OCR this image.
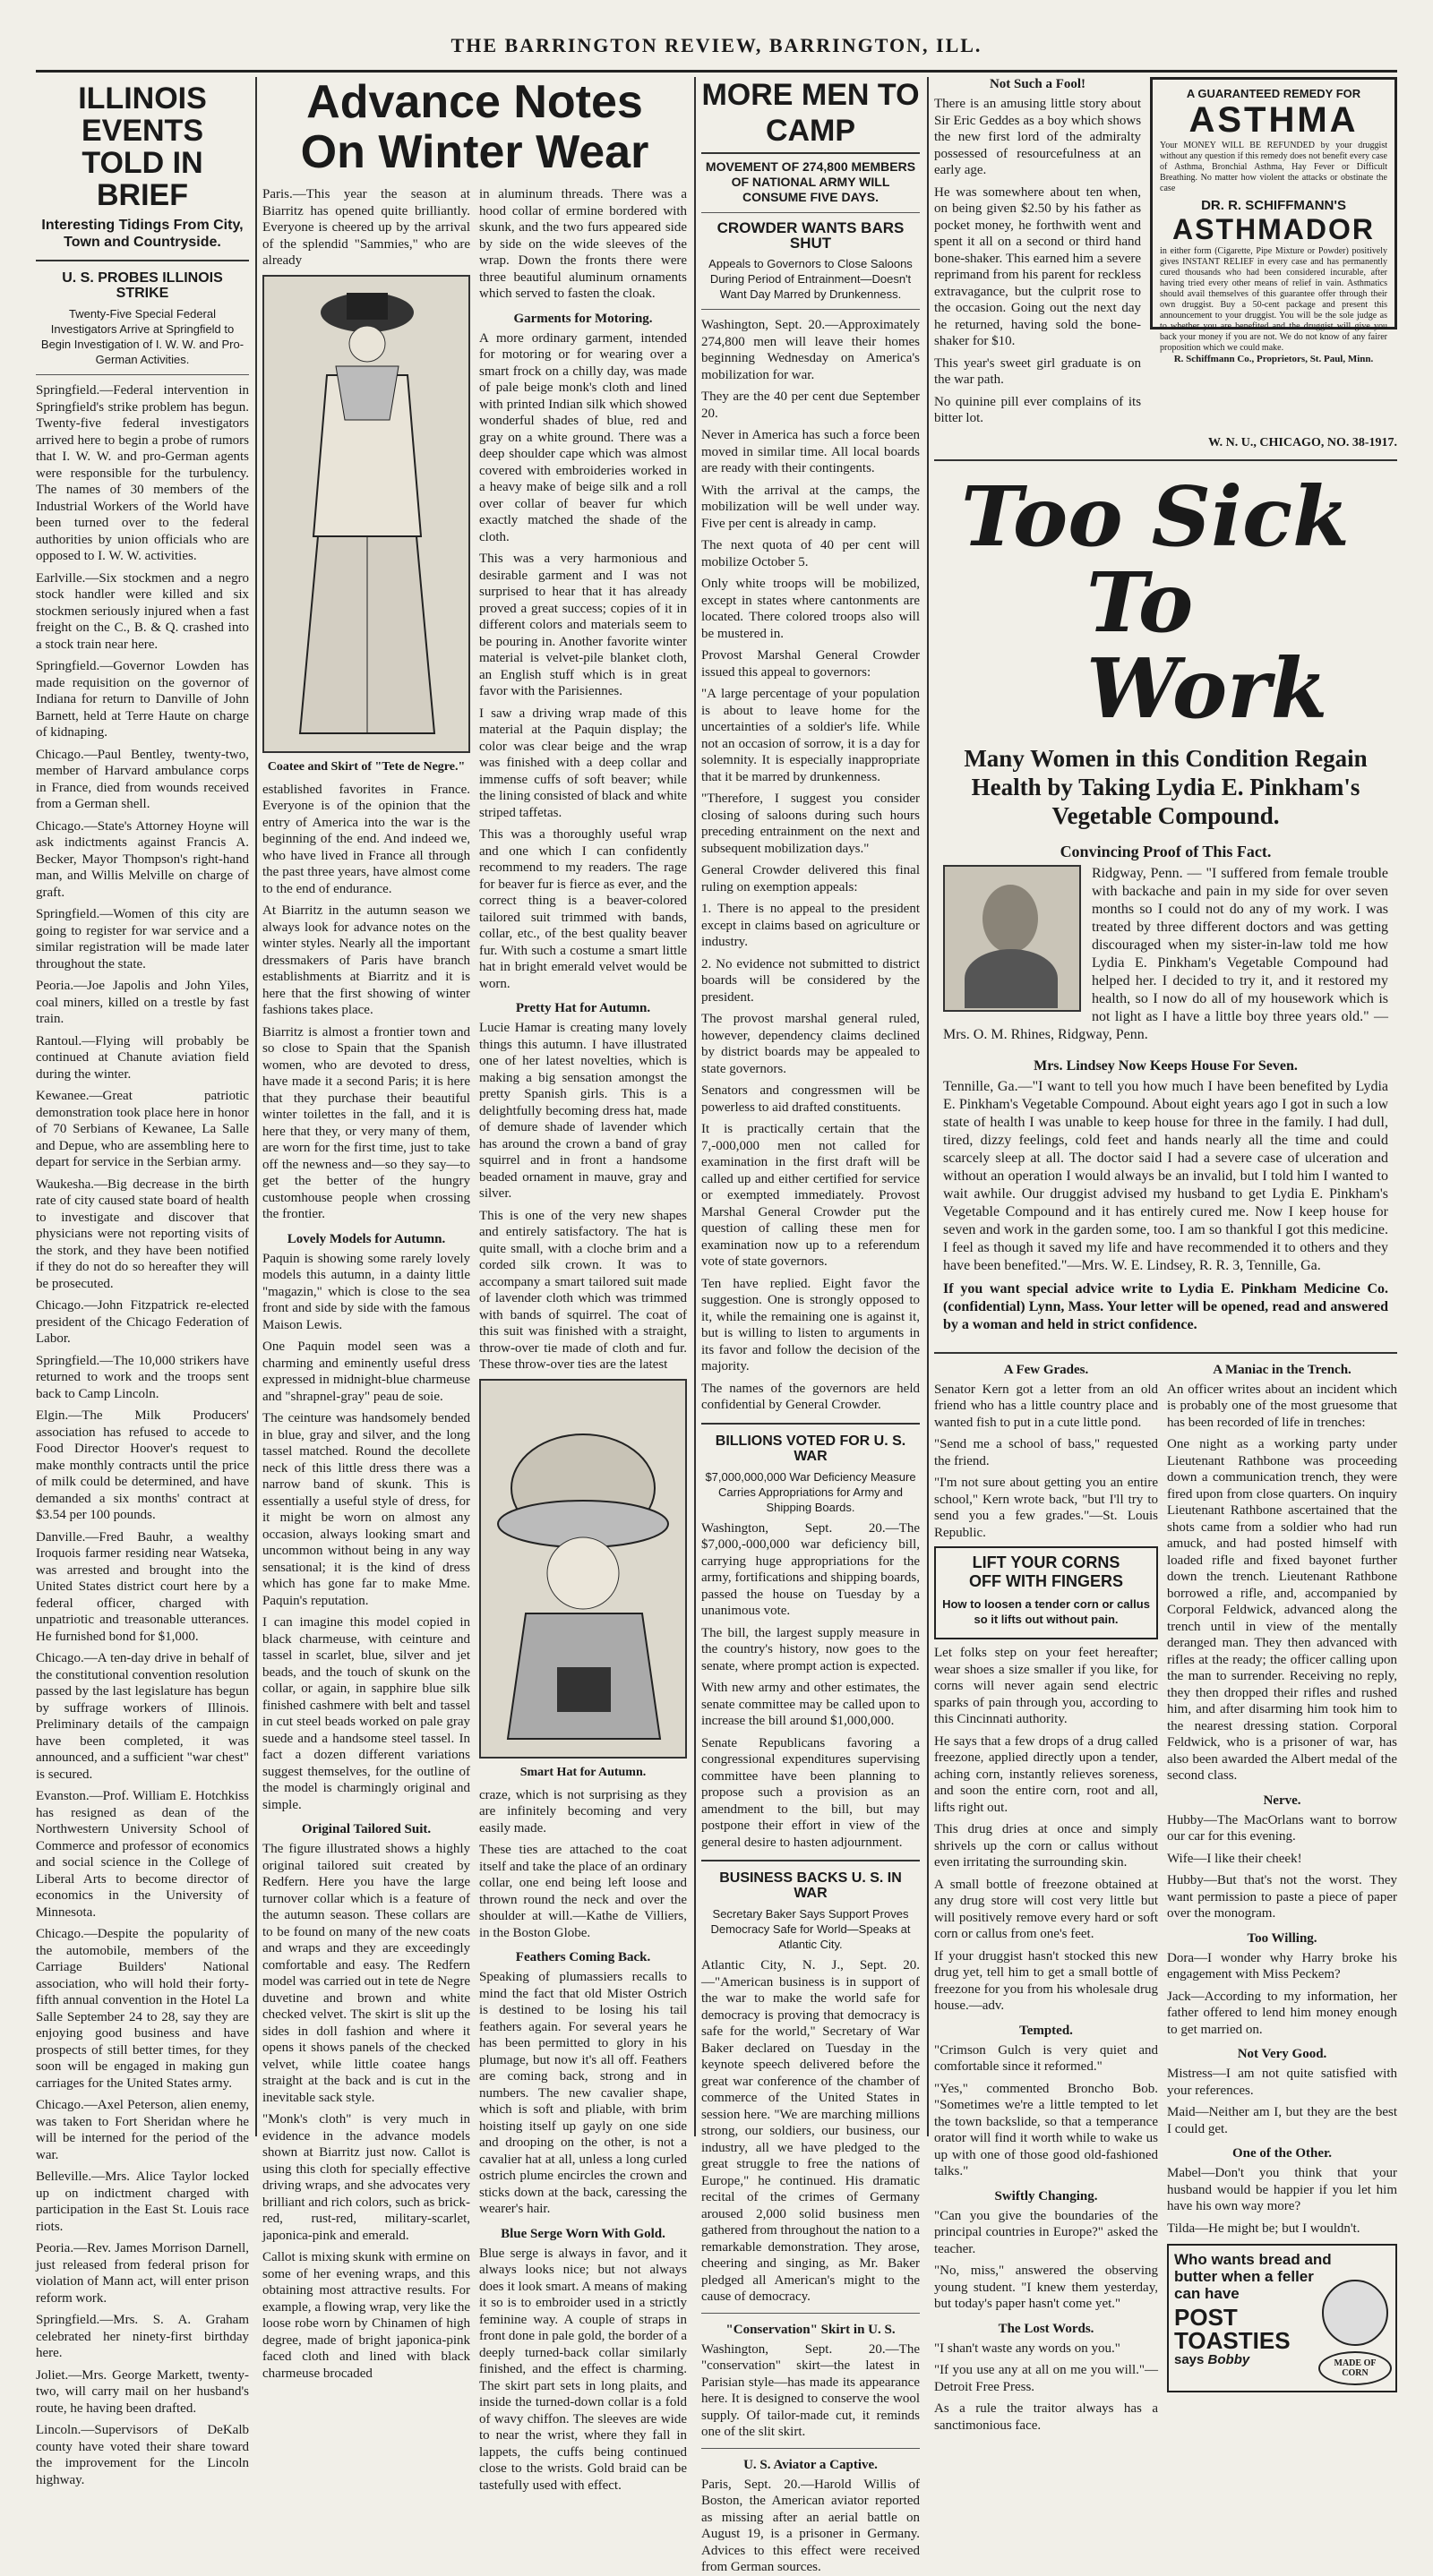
THE BARRINGTON REVIEW, BARRINGTON, ILL.
ILLINOIS EVENTS
TOLD IN BRIEF
Interesting Tidings From City, Town and Countryside.
U. S. PROBES ILLINOIS STRIKE
Twenty-Five Special Federal Investigators Arrive at Springfield to Begin Investigation of I. W. W. and Pro-German Activities.

Springfield.—Federal intervention in Springfield's strike problem has begun. Twenty-five federal investigators arrived here to begin a probe of rumors that I. W. W. and pro-German agents were responsible for the turbulency. The names of 30 members of the Industrial Workers of the World have been turned over to the federal authorities by union officials who are opposed to I. W. W. activities.

Earlville.—Six stockmen and a negro stock handler were killed and six stockmen seriously injured when a fast freight on the C., B. & Q. crashed into a stock train near here.

Springfield.—Governor Lowden has made requisition on the governor of Indiana for return to Danville of John Barnett, held at Terre Haute on charge of kidnaping.

Chicago.—Paul Bentley, twenty-two, member of Harvard ambulance corps in France, died from wounds received from a German shell.

Chicago.—State's Attorney Hoyne will ask indictments against Francis A. Becker, Mayor Thompson's right-hand man, and Willis Melville on charge of graft.

Springfield.—Women of this city are going to register for war service and a similar registration will be made later throughout the state.

Peoria.—Joe Japolis and John Yiles, coal miners, killed on a trestle by fast train.

Rantoul.—Flying will probably be continued at Chanute aviation field during the winter.

Kewanee.—Great patriotic demonstration took place here in honor of 70 Serbians of Kewanee, La Salle and Depue, who are assembling here to depart for service in the Serbian army.

Waukesha.—Big decrease in the birth rate of city caused state board of health to investigate and discover that physicians were not reporting visits of the stork, and they have been notified if they do not do so hereafter they will be prosecuted.

Chicago.—John Fitzpatrick re-elected president of the Chicago Federation of Labor.

Springfield.—The 10,000 strikers have returned to work and the troops sent back to Camp Lincoln.

Elgin.—The Milk Producers' association has refused to accede to Food Director Hoover's request to make monthly contracts until the price of milk could be determined, and have demanded a six months' contract at $3.54 per 100 pounds.

Danville.—Fred Bauhr, a wealthy Iroquois farmer residing near Watseka, was arrested and brought into the United States district court here by a federal officer, charged with unpatriotic and treasonable utterances. He furnished bond for $1,000.

Chicago.—A ten-day drive in behalf of the constitutional convention resolution passed by the last legislature has begun by suffrage workers of Illinois. Preliminary details of the campaign have been completed, it was announced, and a sufficient "war chest" is secured.

Evanston.—Prof. William E. Hotchkiss has resigned as dean of the Northwestern University School of Commerce and professor of economics and social science in the College of Liberal Arts to become director of economics in the University of Minnesota.

Chicago.—Despite the popularity of the automobile, members of the Carriage Builders' National association, who will hold their forty-fifth annual convention in the Hotel La Salle September 24 to 28, say they are enjoying good business and have prospects of still better times, for they soon will be engaged in making gun carriages for the United States army.

Chicago.—Axel Peterson, alien enemy, was taken to Fort Sheridan where he will be interned for the period of the war.

Belleville.—Mrs. Alice Taylor locked up on indictment charged with participation in the East St. Louis race riots.

Peoria.—Rev. James Morrison Darnell, just released from federal prison for violation of Mann act, will enter prison reform work.

Springfield.—Mrs. S. A. Graham celebrated her ninety-first birthday here.

Joliet.—Mrs. George Markett, twenty-two, will carry mail on her husband's route, he having been drafted.

Lincoln.—Supervisors of DeKalb county have voted their share toward the improvement for the Lincoln highway.

Advance Notes
On Winter Wear

Paris.—This year the season at Biarritz has opened quite brilliantly. Everyone is cheered up by the arrival of the splendid "Sammies," who are already

Coatee and Skirt of "Tete de Negre."

established favorites in France. Everyone is of the opinion that the entry of America into the war is the beginning of the end. And indeed we, who have lived in France all through the past three years, have almost come to the end of endurance.

At Biarritz in the autumn season we always look for advance notes on the winter styles. Nearly all the important dressmakers of Paris have branch establishments at Biarritz and it is here that the first showing of winter fashions takes place.

Biarritz is almost a frontier town and so close to Spain that the Spanish women, who are devoted to dress, have made it a second Paris; it is here that they purchase their beautiful winter toilettes in the fall, and it is here that they, or very many of them, are worn for the first time, just to take off the newness and—so they say—to get the better of the hungry customhouse people when crossing the frontier.

Lovely Models for Autumn.

Paquin is showing some rarely lovely models this autumn, in a dainty little "magazin," which is close to the sea front and side by side with the famous Maison Lewis.

One Paquin model seen was a charming and eminently useful dress expressed in midnight-blue charmeuse and "shrapnel-gray" peau de soie.

The ceinture was handsomely bended in blue, gray and silver, and the long tassel matched. Round the decollete neck of this little dress there was a narrow band of skunk. This is essentially a useful style of dress, for it might be worn on almost any occasion, always looking smart and uncommon without being in any way sensational; it is the kind of dress which has gone far to make Mme. Paquin's reputation.

I can imagine this model copied in black charmeuse, with ceinture and tassel in scarlet, blue, silver and jet beads, and the touch of skunk on the collar, or again, in sapphire blue silk finished cashmere with belt and tassel in cut steel beads worked on pale gray suede and a handsome steel tassel. In fact a dozen different variations suggest themselves, for the outline of the model is charmingly original and simple.

Original Tailored Suit.

The figure illustrated shows a highly original tailored suit created by Redfern. Here you have the large turnover collar which is a feature of the autumn season. These collars are to be found on many of the new coats and wraps and they are exceedingly comfortable and easy. The Redfern model was carried out in tete de Negre duvetine and brown and white checked velvet. The skirt is slit up the sides in doll fashion and where it opens it shows panels of the checked velvet, while little coatee hangs straight at the back and is cut in the inevitable sack style.

"Monk's cloth" is very much in evidence in the advance models shown at Biarritz just now. Callot is using this cloth for specially effective driving wraps, and she advocates very brilliant and rich colors, such as brick-red, rust-red, military-scarlet, japonica-pink and emerald.

Callot is mixing skunk with ermine on some of her evening wraps, and this obtaining most attractive results. For example, a flowing wrap, very like the loose robe worn by Chinamen of high degree, made of bright japonica-pink faced cloth and lined with black charmeuse brocaded

in aluminum threads. There was a hood collar of ermine bordered with skunk, and the two furs appeared side by side on the wide sleeves of the wrap. Down the fronts there were three beautiful aluminum ornaments which served to fasten the cloak.

Garments for Motoring.

A more ordinary garment, intended for motoring or for wearing over a smart frock on a chilly day, was made of pale beige monk's cloth and lined with printed Indian silk which showed wonderful shades of blue, red and gray on a white ground. There was a deep shoulder cape which was almost covered with embroideries worked in a heavy make of beige silk and a roll over collar of beaver fur which exactly matched the shade of the cloth.

This was a very harmonious and desirable garment and I was not surprised to hear that it has already proved a great success; copies of it in different colors and materials seem to be pouring in. Another favorite winter material is velvet-pile blanket cloth, an English stuff which is in great favor with the Parisiennes.

I saw a driving wrap made of this material at the Paquin display; the color was clear beige and the wrap was finished with a deep collar and immense cuffs of soft beaver; while the lining consisted of black and white striped taffetas.

This was a thoroughly useful wrap and one which I can confidently recommend to my readers. The rage for beaver fur is fierce as ever, and the correct thing is a beaver-colored tailored suit trimmed with bands, collar, etc., of the best quality beaver fur. With such a costume a smart little hat in bright emerald velvet would be worn.

Pretty Hat for Autumn.

Lucie Hamar is creating many lovely things this autumn. I have illustrated one of her latest novelties, which is making a big sensation amongst the pretty Spanish girls. This is a delightfully becoming dress hat, made of demure shade of lavender which has around the crown a band of gray squirrel and in front a handsome beaded ornament in mauve, gray and silver.

This is one of the very new shapes and entirely satisfactory. The hat is quite small, with a cloche brim and a corded silk crown. It was to accompany a smart tailored suit made of lavender cloth which was trimmed with bands of squirrel. The coat of this suit was finished with a straight, throw-over tie made of cloth and fur. These throw-over ties are the latest

Smart Hat for Autumn.

craze, which is not surprising as they are infinitely becoming and very easily made.

These ties are attached to the coat itself and take the place of an ordinary collar, one end being left loose and thrown round the neck and over the shoulder at will.—Kathe de Villiers, in the Boston Globe.

Feathers Coming Back.

Speaking of plumassiers recalls to mind the fact that old Mister Ostrich is destined to be losing his tail feathers again. For several years he has been permitted to glory in his plumage, but now it's all off. Feathers are coming back, strong and in numbers. The new cavalier shape, which is soft and pliable, with brim hoisting itself up gayly on one side and drooping on the other, is not a cavalier hat at all, unless a long curled ostrich plume encircles the crown and sticks down at the back, caressing the wearer's hair.

Blue Serge Worn With Gold.

Blue serge is always in favor, and it always looks nice; but not always does it look smart. A means of making it so is to embroider used in a strictly feminine way. A couple of straps in front done in pale gold, the border of a deeply turned-back collar similarly finished, and the effect is charming. The skirt part sets in long plaits, and inside the turned-down collar is a fold of wavy chiffon. The sleeves are wide to near the wrist, where they fall in lappets, the cuffs being continued close to the wrists. Gold braid can be tastefully used with effect.

MORE MEN TO CAMP
MOVEMENT OF 274,800 MEMBERS OF NATIONAL ARMY WILL CONSUME FIVE DAYS.
CROWDER WANTS BARS SHUT
Appeals to Governors to Close Saloons During Period of Entrainment—Doesn't Want Day Marred by Drunkenness.

Washington, Sept. 20.—Approximately 274,800 men will leave their homes beginning Wednesday on America's mobilization for war.

They are the 40 per cent due September 20.

Never in America has such a force been moved in similar time. All local boards are ready with their contingents.

With the arrival at the camps, the mobilization will be well under way. Five per cent is already in camp.

The next quota of 40 per cent will mobilize October 5.

Only white troops will be mobilized, except in states where cantonments are located. There colored troops also will be mustered in.

Provost Marshal General Crowder issued this appeal to governors:

"A large percentage of your population is about to leave home for the uncertainties of a soldier's life. While not an occasion of sorrow, it is a day for solemnity. It is especially inappropriate that it be marred by drunkenness.

"Therefore, I suggest you consider closing of saloons during such hours preceding entrainment on the next and subsequent mobilization days."

General Crowder delivered this final ruling on exemption appeals:

1. There is no appeal to the president except in claims based on agriculture or industry.

2. No evidence not submitted to district boards will be considered by the president.

The provost marshal general ruled, however, dependency claims declined by district boards may be appealed to state governors.

Senators and congressmen will be powerless to aid drafted constituents.

It is practically certain that the 7,-000,000 men not called for examination in the first draft will be called up and either certified for service or exempted immediately. Provost Marshal General Crowder put the question of calling these men for examination now up to a referendum vote of state governors.

Ten have replied. Eight favor the suggestion. One is strongly opposed to it, while the remaining one is against it, but is willing to listen to arguments in its favor and follow the decision of the majority.

The names of the governors are held confidential by General Crowder.

BILLIONS VOTED FOR U. S. WAR
$7,000,000,000 War Deficiency Measure Carries Appropriations for Army and Shipping Boards.

Washington, Sept. 20.—The $7,000,-000,000 war deficiency bill, carrying huge appropriations for the army, fortifications and shipping boards, passed the house on Tuesday by a unanimous vote.

The bill, the largest supply measure in the country's history, now goes to the senate, where prompt action is expected.

With new army and other estimates, the senate committee may be called upon to increase the bill around $1,000,000.

Senate Republicans favoring a congressional expenditures supervising committee have been planning to propose such a provision as an amendment to the bill, but may postpone their effort in view of the general desire to hasten adjournment.

BUSINESS BACKS U. S. IN WAR
Secretary Baker Says Support Proves Democracy Safe for World—Speaks at Atlantic City.

Atlantic City, N. J., Sept. 20.—"American business is in support of the war to make the world safe for democracy is proving that democracy is safe for the world," Secretary of War Baker declared on Tuesday in the keynote speech delivered before the great war conference of the chamber of commerce of the United States in session here. "We are marching millions strong, our soldiers, our business, our industry, all we have pledged to the great struggle to free the nations of Europe," he continued. His dramatic recital of the crimes of Germany aroused 2,000 solid business men gathered from throughout the nation to a remarkable demonstration. They arose, cheering and singing, as Mr. Baker pledged all American's might to the cause of democracy.

"Conservation" Skirt in U. S.

Washington, Sept. 20.—The "conservation" skirt—the latest in Parisian style—has made its appearance here. It is designed to conserve the wool supply. Of tailor-made cut, it reminds one of the slit skirt.

U. S. Aviator a Captive.

Paris, Sept. 20.—Harold Willis of Boston, the American aviator reported as missing after an aerial battle on August 19, is a prisoner in Germany. Advices to this effect were received from German sources.

Not Such a Fool!

There is an amusing little story about Sir Eric Geddes as a boy which shows the new first lord of the admiralty possessed of resourcefulness at an early age.

He was somewhere about ten when, on being given $2.50 by his father as pocket money, he forthwith went and spent it all on a second or third hand bone-shaker. This earned him a severe reprimand from his parent for reckless extravagance, but the culprit rose to the occasion. Going out the next day he returned, having sold the bone-shaker for $10.

This year's sweet girl graduate is on the war path.

No quinine pill ever complains of its bitter lot.

A GUARANTEED REMEDY FOR
ASTHMA
Your MONEY WILL BE REFUNDED by your druggist without any question if this remedy does not benefit every case of Asthma, Bronchial Asthma, Hay Fever or Difficult Breathing. No matter how violent the attacks or obstinate the case
DR. R. SCHIFFMANN'S
ASTHMADOR
in either form (Cigarette, Pipe Mixture or Powder) positively gives INSTANT RELIEF in every case and has permanently cured thousands who had been considered incurable, after having tried every other means of relief in vain. Asthmatics should avail themselves of this guarantee offer through their own druggist. Buy a 50-cent package and present this announcement to your druggist. You will be the sole judge as to whether you are benefited and the druggist will give you back your money if you are not. We do not know of any fairer proposition which we could make.
R. Schiffmann Co., Proprietors, St. Paul, Minn.
W. N. U., CHICAGO, NO. 38-1917.
Too Sick
To Work
Many Women in this Condition Regain Health by Taking Lydia E. Pinkham's Vegetable Compound.
Convincing Proof of This Fact.

Ridgway, Penn. — "I suffered from female trouble with backache and pain in my side for over seven months so I could not do any of my work. I was treated by three different doctors and was getting discouraged when my sister-in-law told me how Lydia E. Pinkham's Vegetable Compound had helped her. I decided to try it, and it restored my health, so I now do all of my housework which is not light as I have a little boy three years old." — Mrs. O. M. Rhines, Ridgway, Penn.

Mrs. Lindsey Now Keeps House For Seven.

Tennille, Ga.—"I want to tell you how much I have been benefited by Lydia E. Pinkham's Vegetable Compound. About eight years ago I got in such a low state of health I was unable to keep house for three in the family. I had dull, tired, dizzy feelings, cold feet and hands nearly all the time and could scarcely sleep at all. The doctor said I had a severe case of ulceration and without an operation I would always be an invalid, but I told him I wanted to wait awhile. Our druggist advised my husband to get Lydia E. Pinkham's Vegetable Compound and it has entirely cured me. Now I keep house for seven and work in the garden some, too. I am so thankful I got this medicine. I feel as though it saved my life and have recommended it to others and they have been benefited."—Mrs. W. E. Lindsey, R. R. 3, Tennille, Ga.

If you want special advice write to Lydia E. Pinkham Medicine Co. (confidential) Lynn, Mass. Your letter will be opened, read and answered by a woman and held in strict confidence.

A Few Grades.

Senator Kern got a letter from an old friend who has a little country place and wanted fish to put in a cute little pond.

"Send me a school of bass," requested the friend.

"I'm not sure about getting you an entire school," Kern wrote back, "but I'll try to send you a few grades."—St. Louis Republic.

LIFT YOUR CORNS
OFF WITH FINGERS
How to loosen a tender corn or callus so it lifts out without pain.

Let folks step on your feet hereafter; wear shoes a size smaller if you like, for corns will never again send electric sparks of pain through you, according to this Cincinnati authority.

He says that a few drops of a drug called freezone, applied directly upon a tender, aching corn, instantly relieves soreness, and soon the entire corn, root and all, lifts right out.

This drug dries at once and simply shrivels up the corn or callus without even irritating the surrounding skin.

A small bottle of freezone obtained at any drug store will cost very little but will positively remove every hard or soft corn or callus from one's feet.

If your druggist hasn't stocked this new drug yet, tell him to get a small bottle of freezone for you from his wholesale drug house.—adv.

Tempted.

"Crimson Gulch is very quiet and comfortable since it reformed."

"Yes," commented Broncho Bob. "Sometimes we're a little tempted to let the town backslide, so that a temperance orator will find it worth while to wake us up with one of those good old-fashioned talks."

Swiftly Changing.

"Can you give the boundaries of the principal countries in Europe?" asked the teacher.

"No, miss," answered the observing young student. "I knew them yesterday, but today's paper hasn't come yet."

The Lost Words.

"I shan't waste any words on you."

"If you use any at all on me you will."—Detroit Free Press.

As a rule the traitor always has a sanctimonious face.

A Maniac in the Trench.

An officer writes about an incident which is probably one of the most gruesome that has been recorded of life in trenches:

One night as a working party under Lieutenant Rathbone was proceeding down a communication trench, they were fired upon from close quarters. On inquiry Lieutenant Rathbone ascertained that the shots came from a soldier who had run amuck, and had posted himself with loaded rifle and fixed bayonet further down the trench. Lieutenant Rathbone borrowed a rifle, and, accompanied by Corporal Feldwick, advanced along the trench until in view of the mentally deranged man. They then advanced with rifles at the ready; the officer calling upon the man to surrender. Receiving no reply, they then dropped their rifles and rushed him, and after disarming him took him to the nearest dressing station. Corporal Feldwick, who is a prisoner of war, has also been awarded the Albert medal of the second class.

Nerve.

Hubby—The MacOrlans want to borrow our car for this evening.

Wife—I like their cheek!

Hubby—But that's not the worst. They want permission to paste a piece of paper over the monogram.

Too Willing.

Dora—I wonder why Harry broke his engagement with Miss Peckem?

Jack—According to my information, her father offered to lend him money enough to get married on.

Not Very Good.

Mistress—I am not quite satisfied with your references.

Maid—Neither am I, but they are the best I could get.

One of the Other.

Mabel—Don't you think that your husband would be happier if you let him have his own way more?

Tilda—He might be; but I wouldn't.

Who wants bread and
butter when a feller
can have
POST
TOASTIES
says Bobby	MADE OF CORN
